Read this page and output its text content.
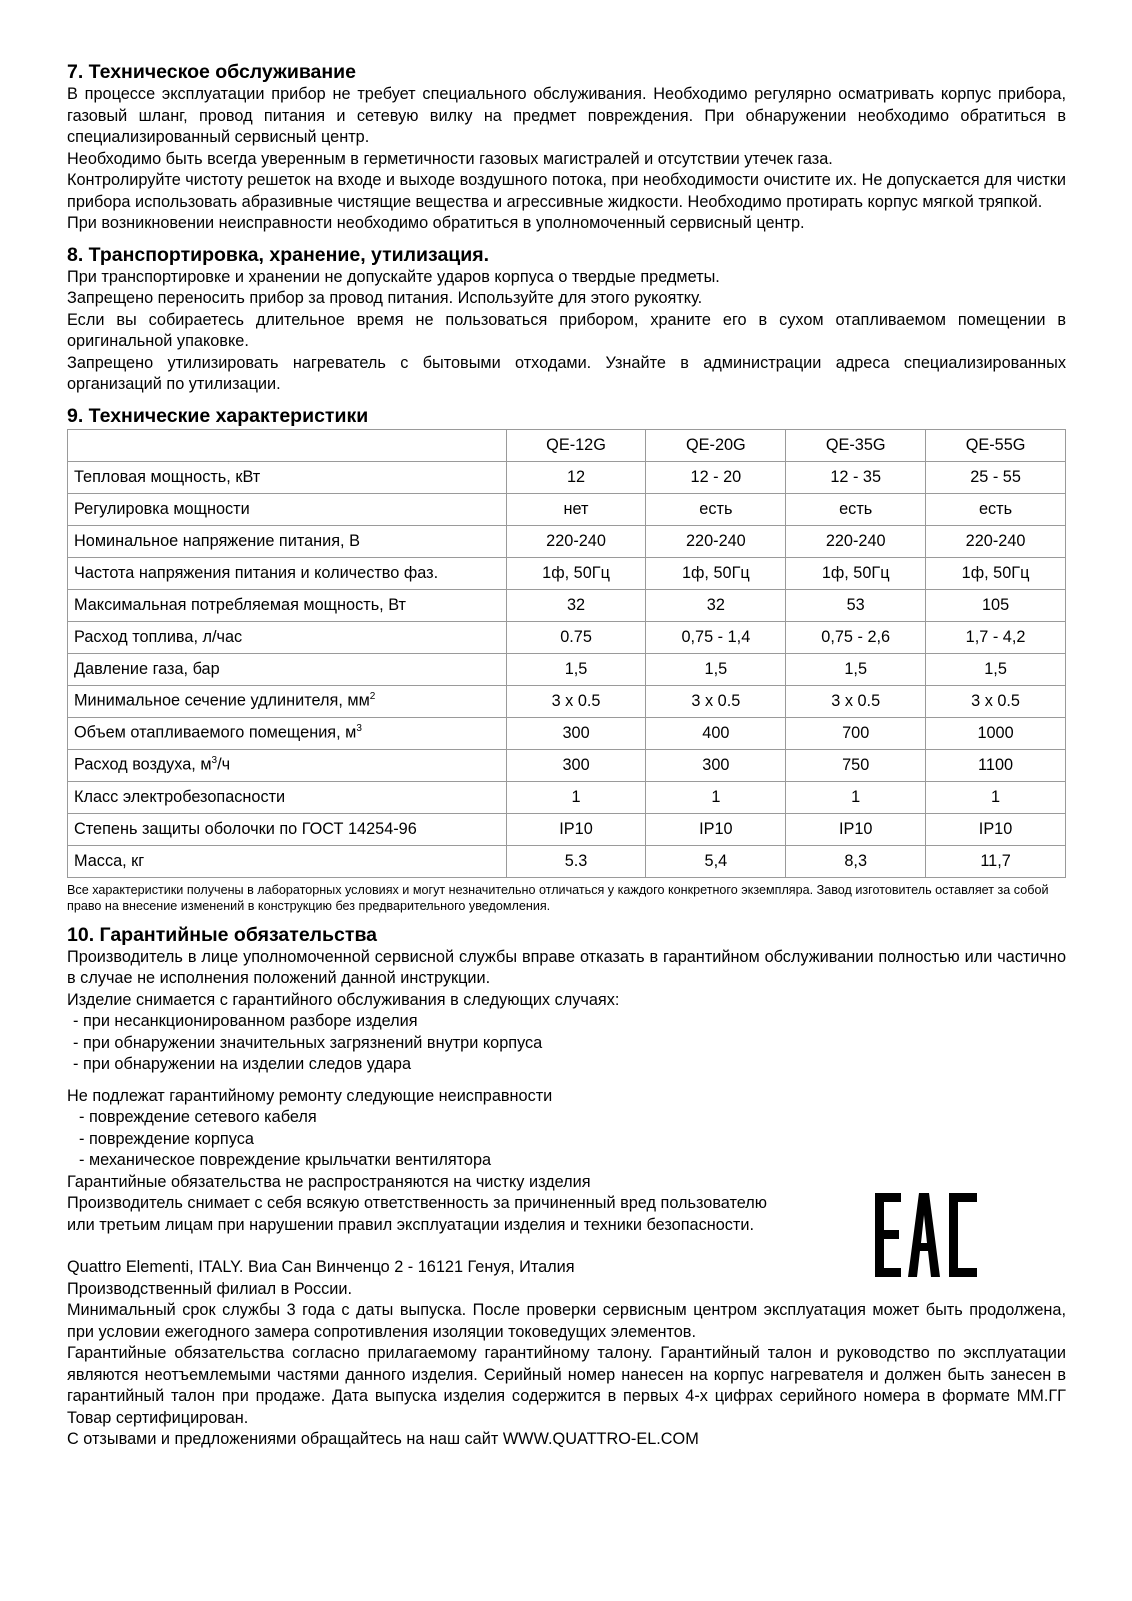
7. Техническое обслуживание

В процессе эксплуатации прибор не требует специального обслуживания. Необходимо регулярно осматривать корпус прибора, газовый шланг, провод питания и сетевую вилку на предмет повреждения. При обнаружении необходимо обратиться в специализированный сервисный центр.

Необходимо быть всегда уверенным в герметичности газовых магистралей и отсутствии утечек газа.

Контролируйте чистоту решеток на входе и выходе воздушного потока, при необходимости очистите их. Не допускается для чистки прибора использовать абразивные чистящие вещества и агрессивные жидкости. Необходимо протирать корпус мягкой тряпкой.

При возникновении неисправности необходимо обратиться в уполномоченный сервисный центр.

8. Транспортировка, хранение, утилизация.

При транспортировке и хранении не допускайте ударов корпуса о твердые предметы.

Запрещено переносить прибор за провод питания. Используйте для этого рукоятку.

Если вы собираетесь длительное время не пользоваться прибором, храните его в сухом отапливаемом помещении в оригинальной упаковке.

Запрещено утилизировать нагреватель с бытовыми отходами. Узнайте в администрации адреса специализированных организаций по утилизации.

9. Технические характеристики
	QE-12G	QE-20G	QE-35G	QE-55G
Тепловая мощность, кВт	12	12 - 20	12 - 35	25 - 55
Регулировка мощности	нет	есть	есть	есть
Номинальное напряжение питания, В	220-240	220-240	220-240	220-240
Частота напряжения питания и количество фаз.	1ф, 50Гц	1ф, 50Гц	1ф, 50Гц	1ф, 50Гц
Максимальная потребляемая мощность, Вт	32	32	53	105
Расход топлива, л/час	0.75	0,75 - 1,4	0,75 - 2,6	1,7 - 4,2
Давление газа, бар	1,5	1,5	1,5	1,5
Минимальное сечение удлинителя, $мм^2$	3 x 0.5	3 x 0.5	3 x 0.5	3 x 0.5
Объем отапливаемого помещения, $м^3$	300	400	700	1000
Расход воздуха, $м^3/ч$	300	300	750	1100
Класс электробезопасности	1	1	1	1
Степень защиты оболочки по ГОСТ 14254-96	IP10	IP10	IP10	IP10
Масса, кг	5.3	5,4	8,3	11,7

Все характеристики получены в лабораторных условиях и могут незначительно отличаться у каждого конкретного экземпляра. Завод изготовитель оставляет за собой право на внесение изменений в конструкцию без предварительного уведомления.

10. Гарантийные обязательства

Производитель в лице уполномоченной сервисной службы вправе отказать в гарантийном обслуживании полностью или частично в случае не исполнения положений данной инструкции.

Изделие снимается с гарантийного обслуживания в следующих случаях:

- при несанкционированном разборе изделия

- при обнаружении значительных загрязнений внутри корпуса

- при обнаружении на изделии следов удара

Не подлежат гарантийному ремонту следующие неисправности

- повреждение сетевого кабеля

- повреждение корпуса

- механическое повреждение крыльчатки вентилятора

Гарантийные обязательства не распространяются на чистку изделия

Производитель снимает с себя всякую ответственность за причиненный вред пользователю

или третьим лицам при нарушении правил эксплуатации изделия и техники безопасности.

Quattro Elementi, ITALY. Виа Сан Винченцо 2 - 16121 Генуя, Италия

Производственный филиал в России.

Минимальный срок службы 3 года с даты выпуска. После проверки сервисным центром эксплуатация может быть продолжена, при условии ежегодного замера сопротивления изоляции токоведущих элементов.

Гарантийные обязательства согласно прилагаемому гарантийному талону. Гарантийный талон и руководство по эксплуатации являются неотъемлемыми частями данного изделия. Серийный номер нанесен на корпус нагревателя и должен быть занесен в гарантийный талон при продаже. Дата выпуска изделия содержится в первых 4-х цифрах серийного номера в формате ММ.ГГ Товар сертифицирован.

С отзывами и предложениями обращайтесь на наш сайт WWW.QUATTRO-EL.COM
